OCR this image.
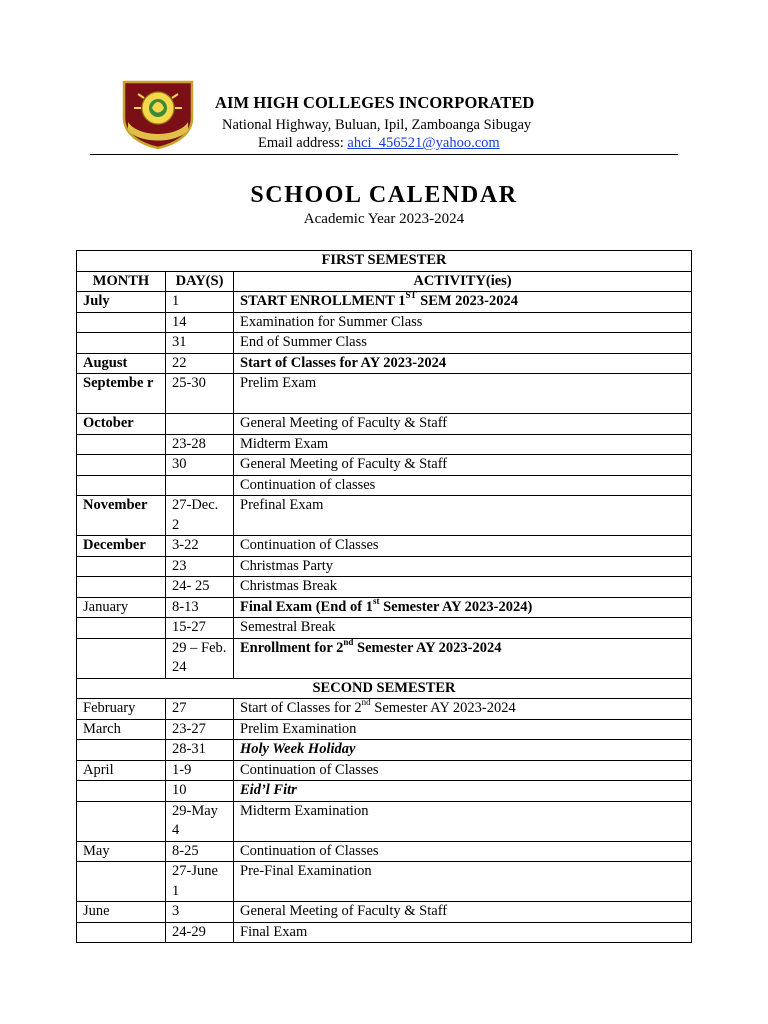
AIM HIGH COLLEGES INCORPORATED
National Highway, Buluan, Ipil, Zamboanga Sibugay
Email address: ahci_456521@yahoo.com
SCHOOL CALENDAR
Academic Year 2023-2024
FIRST SEMESTER		
MONTH	DAY(S)	ACTIVITY(ies)
July	1	START ENROLLMENT 1ST SEM 2023-2024
	14	Examination for Summer Class
	31	End of Summer Class
August	22	Start of Classes for AY 2023-2024
Septembe r	25-30	Prelim Exam
October		General Meeting of Faculty & Staff
	23-28	Midterm Exam
	30	General Meeting of Faculty & Staff
		Continuation of classes
November	27-Dec. 2	Prefinal Exam
December	3-22	Continuation of Classes
	23	Christmas Party
	24- 25	Christmas Break
January	8-13	Final Exam (End of 1st Semester AY 2023-2024)
	15-27	Semestral Break
	29 – Feb. 24	Enrollment for 2nd Semester AY 2023-2024
SECOND SEMESTER		
February	27	Start of Classes for 2nd Semester AY 2023-2024
March	23-27	Prelim Examination
	28-31	Holy Week Holiday
April	1-9	Continuation of Classes
	10	Eid’l Fitr
	29-May 4	Midterm Examination
May	8-25	Continuation of Classes
	27-June 1	Pre-Final Examination
June	3	General Meeting of Faculty & Staff
	24-29	Final Exam
